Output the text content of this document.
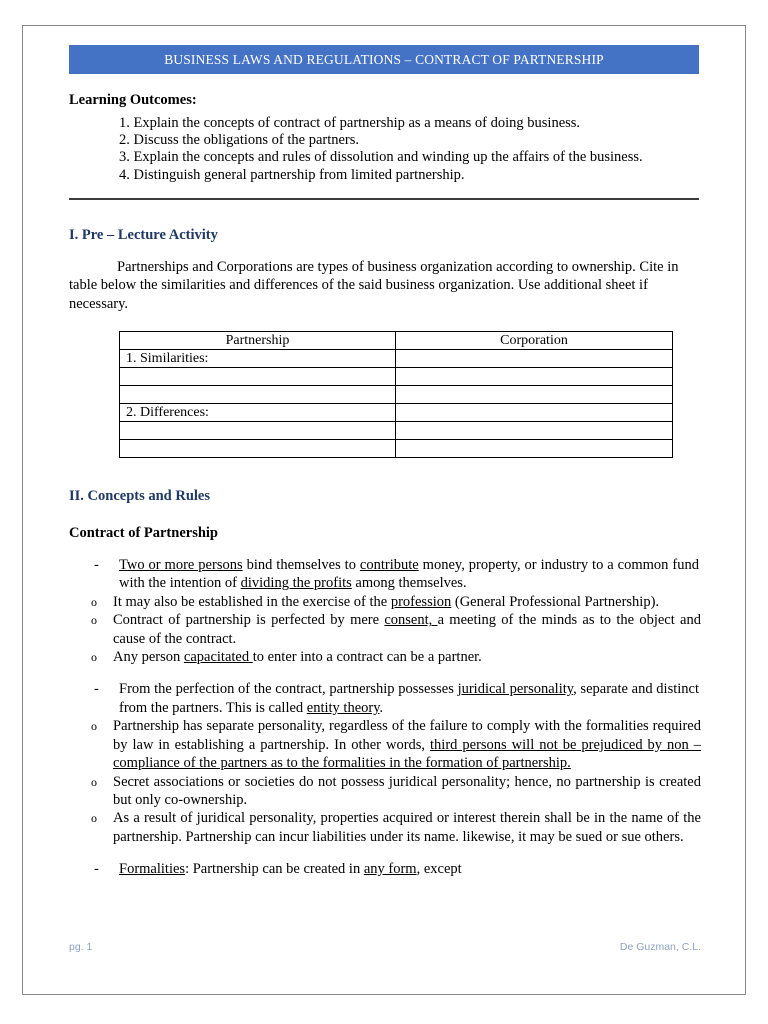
BUSINESS LAWS AND REGULATIONS – CONTRACT OF PARTNERSHIP
Learning Outcomes:
1. Explain the concepts of contract of partnership as a means of doing business.
2. Discuss the obligations of the partners.
3. Explain the concepts and rules of dissolution and winding up the affairs of the business.
4. Distinguish general partnership from limited partnership.
I. Pre – Lecture Activity
Partnerships and Corporations are types of business organization according to ownership. Cite in table below the similarities and differences of the said business organization. Use additional sheet if necessary.
Partnership	Corporation
1. Similarities:	

2. Differences:	

II. Concepts and Rules
Contract of Partnership
- Two or more persons bind themselves to contribute money, property, or industry to a common fund with the intention of dividing the profits among themselves.
o It may also be established in the exercise of the profession (General Professional Partnership).
o Contract of partnership is perfected by mere consent, a meeting of the minds as to the object and cause of the contract.
o Any person capacitated to enter into a contract can be a partner.
- From the perfection of the contract, partnership possesses juridical personality, separate and distinct from the partners. This is called entity theory.
o Partnership has separate personality, regardless of the failure to comply with the formalities required by law in establishing a partnership. In other words, third persons will not be prejudiced by non – compliance of the partners as to the formalities in the formation of partnership.
o Secret associations or societies do not possess juridical personality; hence, no partnership is created but only co-ownership.
o As a result of juridical personality, properties acquired or interest therein shall be in the name of the partnership. Partnership can incur liabilities under its name. likewise, it may be sued or sue others.
- Formalities: Partnership can be created in any form, except
pg. 1	De Guzman, C.L.
